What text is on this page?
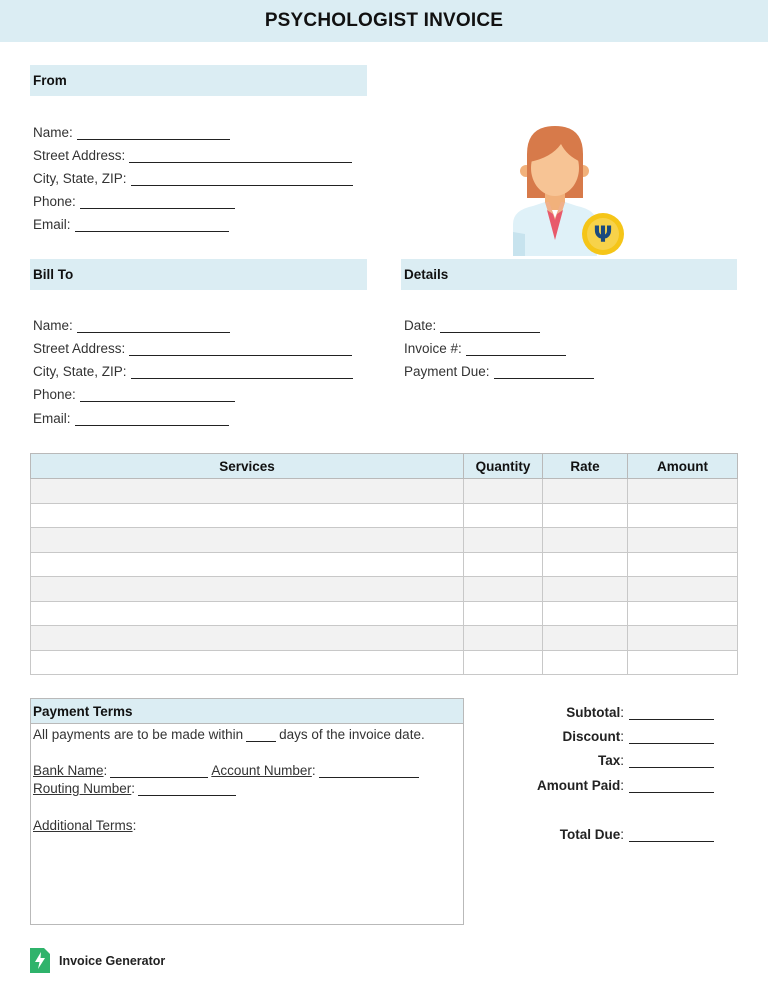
PSYCHOLOGIST INVOICE
From
Name:
Street Address:
City, State, ZIP:
Phone:
Email:	Ψ
Bill To
Name:
Street Address:
City, State, ZIP:
Phone:
Email:
Details
Date:
Invoice #:
Payment Due:
Services	Quantity	Rate	Amount

Payment Terms
All payments are to be made within	days of the invoice date.
Bank Name :	Account Number :
Routing Number :
Additional Terms :
Subtotal :
Discount :
Tax :
Amount Paid :
Total Due :
Invoice Generator
